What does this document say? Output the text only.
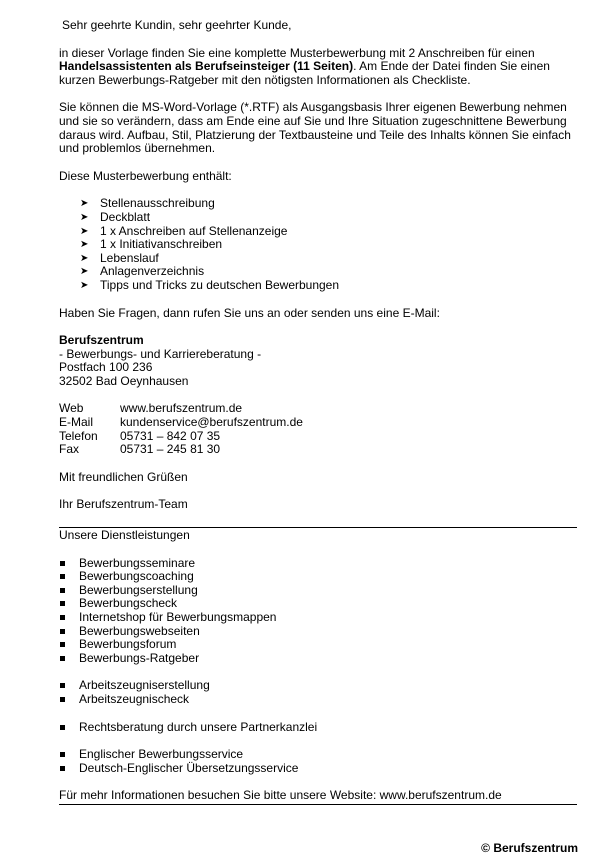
Sehr geehrte Kundin, sehr geehrter Kunde,

in dieser Vorlage finden Sie eine komplette Musterbewerbung mit 2 Anschreiben für einen Handelsassistenten als Berufseinsteiger (11 Seiten). Am Ende der Datei finden Sie einen kurzen Bewerbungs-Ratgeber mit den nötigsten Informationen als Checkliste.

Sie können die MS-Word-Vorlage (*.RTF) als Ausgangsbasis Ihrer eigenen Bewerbung nehmen und sie so verändern, dass am Ende eine auf Sie und Ihre Situation zugeschnittene Bewerbung daraus wird. Aufbau, Stil, Platzierung der Textbausteine und Teile des Inhalts können Sie einfach und problemlos übernehmen.

Diese Musterbewerbung enthält:

➤ Stellenausschreibung
➤ Deckblatt
➤ 1 x Anschreiben auf Stellenanzeige
➤ 1 x Initiativanschreiben
➤ Lebenslauf
➤ Anlagenverzeichnis
➤ Tipps und Tricks zu deutschen Bewerbungen

Haben Sie Fragen, dann rufen Sie uns an oder senden uns eine E-Mail:

Berufszentrum
- Bewerbungs- und Karriereberatung -
Postfach 100 236
32502 Bad Oeynhausen
Web	www.berufszentrum.de
E-Mail	kundenservice@berufszentrum.de
Telefon	05731 – 842 07 35
Fax	05731 – 245 81 30

Mit freundlichen Grüßen

Ihr Berufszentrum-Team

Unsere Dienstleistungen

Bewerbungsseminare
Bewerbungscoaching
Bewerbungserstellung
Bewerbungscheck
Internetshop für Bewerbungsmappen
Bewerbungswebseiten
Bewerbungsforum
Bewerbungs-Ratgeber
Arbeitszeugniserstellung
Arbeitszeugnischeck
Rechtsberatung durch unsere Partnerkanzlei
Englischer Bewerbungsservice
Deutsch-Englischer Übersetzungsservice

Für mehr Informationen besuchen Sie bitte unsere Website: www.berufszentrum.de

© Berufszentrum
